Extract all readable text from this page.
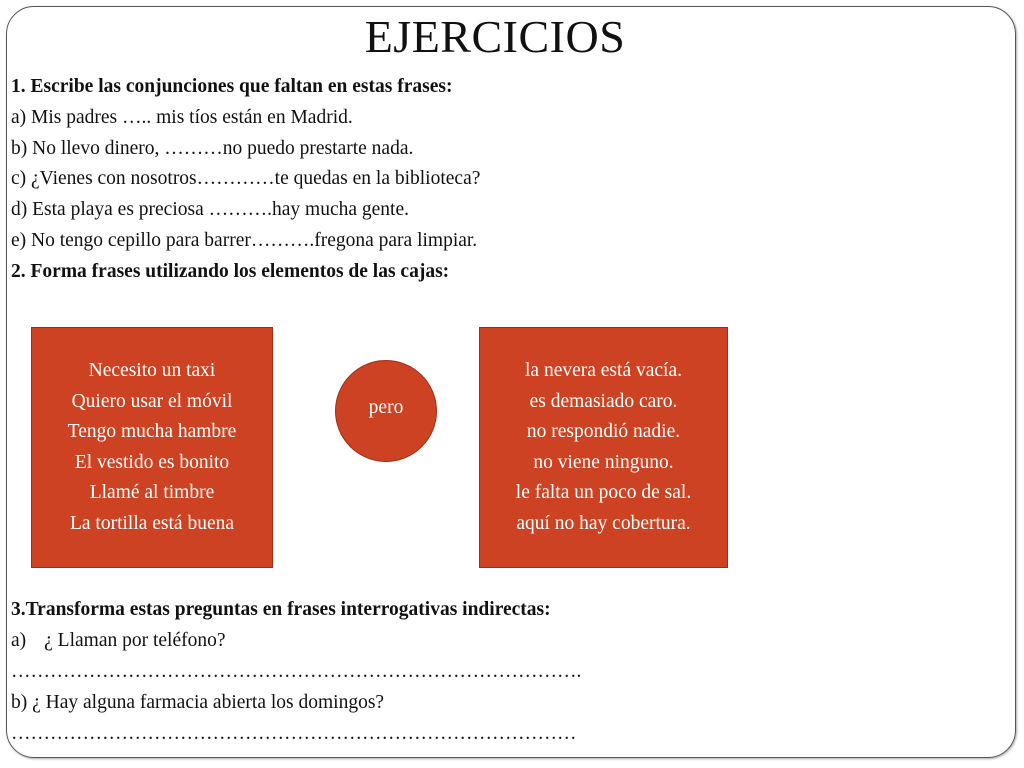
EJERCICIOS
1. Escribe las conjunciones que faltan en estas frases:
a) Mis padres ….. mis tíos están en Madrid.
b) No llevo dinero, ………no puedo prestarte nada.
c) ¿Vienes con nosotros…………te quedas en la biblioteca?
d) Esta playa es preciosa ……….hay mucha gente.
e) No tengo cepillo para barrer……….fregona para limpiar.
2. Forma frases utilizando los elementos de las cajas:
Necesito un taxi
Quiero usar el móvil
Tengo mucha hambre
El vestido es bonito
Llamé al timbre
La tortilla está buena
pero
la nevera está vacía.
es demasiado caro.
no respondió nadie.
no viene ninguno.
le falta un poco de sal.
aquí no hay cobertura.
3.Transforma estas preguntas en frases interrogativas indirectas:
a) ¿ Llaman por teléfono?
…………………………………………………………………………….
b) ¿ Hay alguna farmacia abierta los domingos?
……………………………………………………………………………
